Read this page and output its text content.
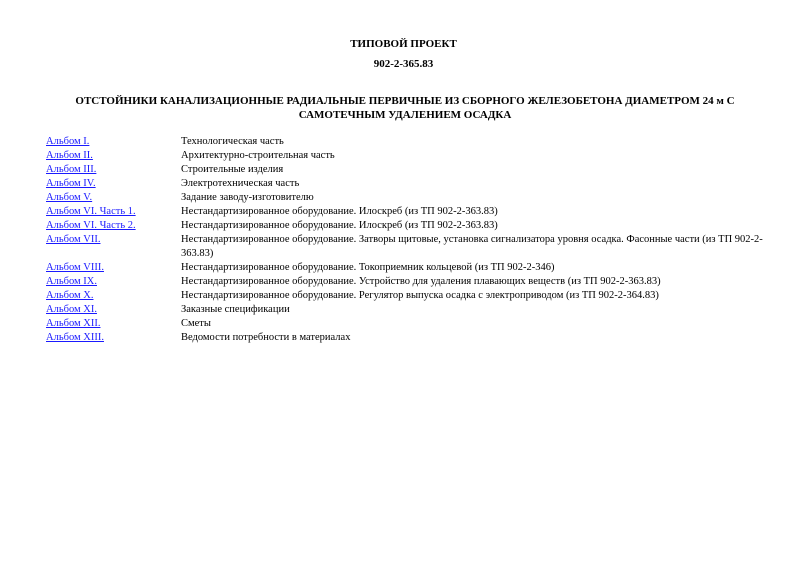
ТИПОВОЙ ПРОЕКТ
902-2-365.83
ОТСТОЙНИКИ КАНАЛИЗАЦИОННЫЕ РАДИАЛЬНЫЕ ПЕРВИЧНЫЕ ИЗ СБОРНОГО ЖЕЛЕЗОБЕТОНА ДИАМЕТРОМ 24 м С САМОТЕЧНЫМ УДАЛЕНИЕМ ОСАДКА
Альбом I.	Технологическая часть
Альбом II.	Архитектурно-строительная часть
Альбом III.	Строительные изделия
Альбом IV.	Электротехническая часть
Альбом V.	Задание заводу-изготовителю
Альбом VI. Часть 1.	Нестандартизированное оборудование. Илоскреб (из ТП 902-2-363.83)
Альбом VI. Часть 2.	Нестандартизированное оборудование. Илоскреб (из ТП 902-2-363.83)
Альбом VII.	Нестандартизированное оборудование. Затворы щитовые, установка сигнализатора уровня осадка. Фасонные части (из ТП 902-2-363.83)
Альбом VIII.	Нестандартизированное оборудование. Токоприемник кольцевой (из ТП 902-2-346)
Альбом IX.	Нестандартизированное оборудование. Устройство для удаления плавающих веществ (из ТП 902-2-363.83)
Альбом X.	Нестандартизированное оборудование. Регулятор выпуска осадка с электроприводом (из ТП 902-2-364.83)
Альбом XI.	Заказные спецификации
Альбом XII.	Сметы
Альбом XIII.	Ведомости потребности в материалах
